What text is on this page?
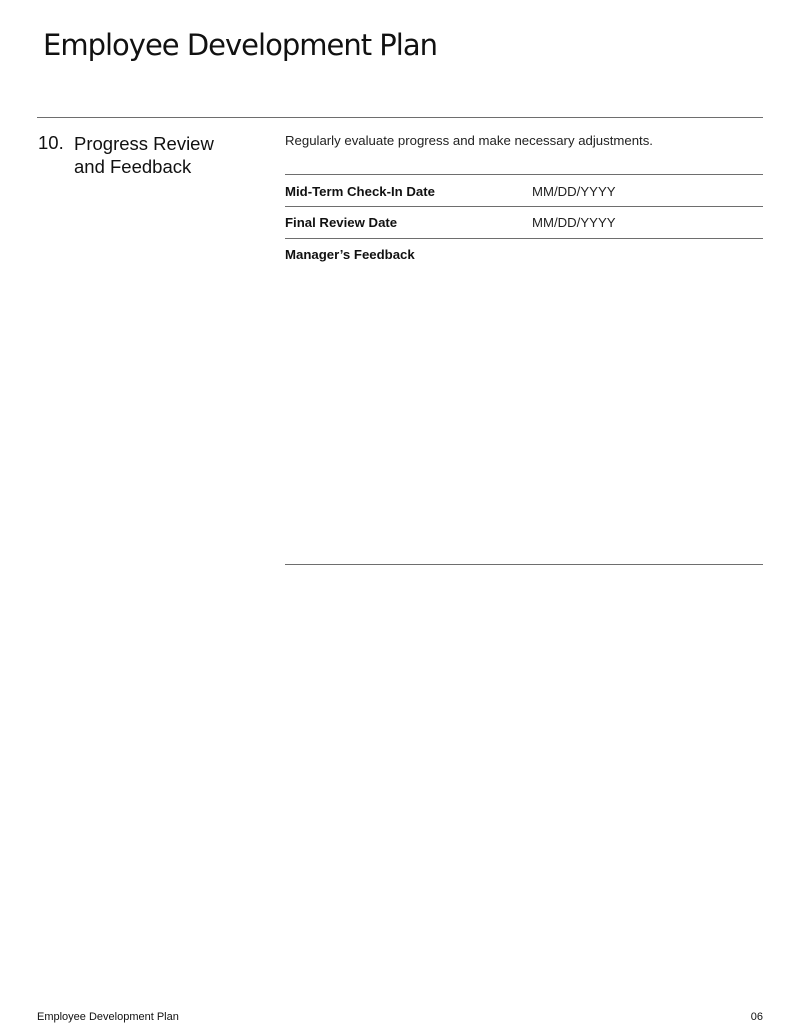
Employee Development Plan
10. Progress Review
and Feedback
Regularly evaluate progress and make necessary adjustments.
Mid-Term Check-In Date	MM/DD/YYYY
Final Review Date	MM/DD/YYYY
Manager’s Feedback
Employee Development Plan	06
